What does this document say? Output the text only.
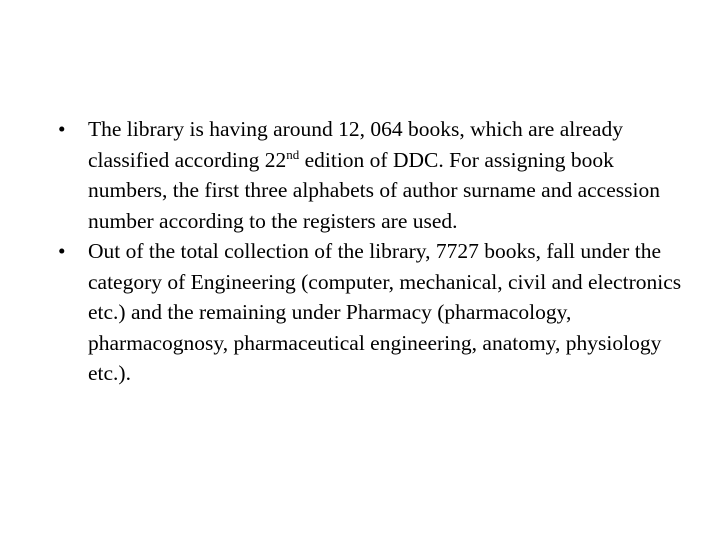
•	The library is having around 12, 064 books, which are already classified according 22nd edition of DDC. For assigning book numbers, the first three alphabets of author surname and accession number according to the registers are used.
•	Out of the total collection of the library, 7727 books, fall under the category of Engineering (computer, mechanical, civil and electronics etc.) and the remaining under Pharmacy (pharmacology, pharmacognosy, pharmaceutical engineering, anatomy, physiology etc.).
